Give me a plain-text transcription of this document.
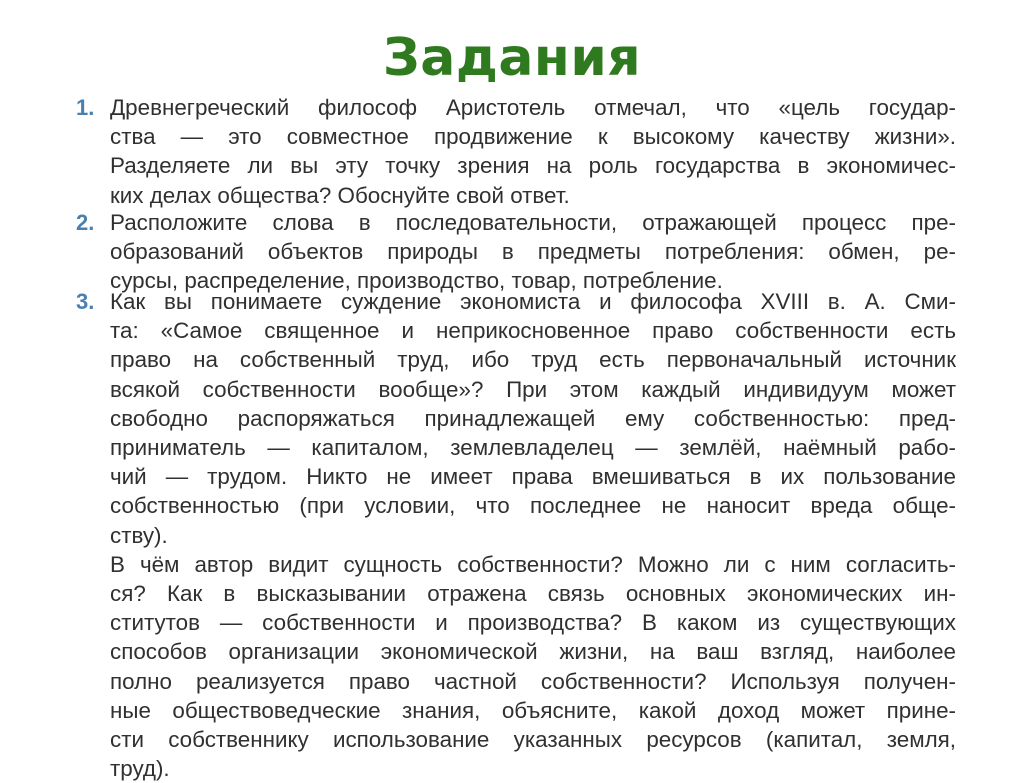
Задания
1. Древнегреческий философ Аристотель отмечал, что «цель государ-
ства — это совместное продвижение к высокому качеству жизни».
Разделяете ли вы эту точку зрения на роль государства в экономичес-
ких делах общества? Обоснуйте свой ответ.
2. Расположите слова в последовательности, отражающей процесс пре-
образований объектов природы в предметы потребления: обмен, ре-
сурсы, распределение, производство, товар, потребление.
3. Как вы понимаете суждение экономиста и философа XVIII в. А. Сми-
та: «Самое священное и неприкосновенное право собственности есть
право на собственный труд, ибо труд есть первоначальный источник
всякой собственности вообще»? При этом каждый индивидуум может
свободно распоряжаться принадлежащей ему собственностью: пред-
приниматель — капиталом, землевладелец — землёй, наёмный рабо-
чий — трудом. Никто не имеет права вмешиваться в их пользование
собственностью (при условии, что последнее не наносит вреда обще-
ству).
В чём автор видит сущность собственности? Можно ли с ним согласить-
ся? Как в высказывании отражена связь основных экономических ин-
ститутов — собственности и производства? В каком из существующих
способов организации экономической жизни, на ваш взгляд, наиболее
полно реализуется право частной собственности? Используя получен-
ные обществоведческие знания, объясните, какой доход может прине-
сти собственнику использование указанных ресурсов (капитал, земля,
труд).
